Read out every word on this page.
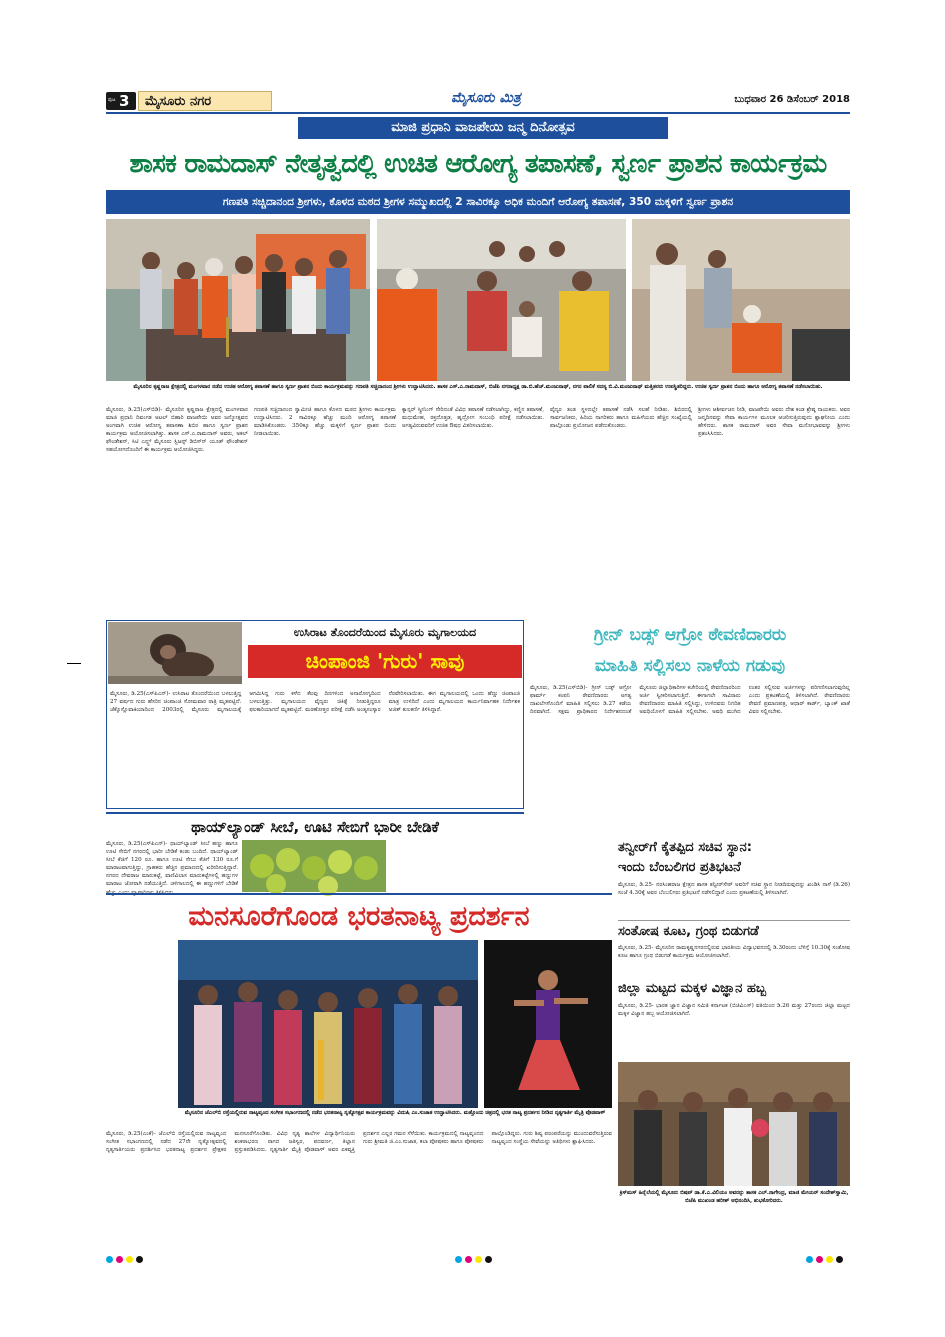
ಪುಟ 3	ಮೈಸೂರು ನಗರ	ಮೈಸೂರು ಮಿತ್ರ	ಬುಧವಾರ 26 ಡಿಸೆಂಬರ್ 2018
ಮಾಜಿ ಪ್ರಧಾನಿ ವಾಜಪೇಯಿ ಜನ್ಮ ದಿನೋತ್ಸವ
ಶಾಸಕ ರಾಮದಾಸ್ ನೇತೃತ್ವದಲ್ಲಿ ಉಚಿತ ಆರೋಗ್ಯ ತಪಾಸಣೆ, ಸ್ವರ್ಣ ಪ್ರಾಶನ ಕಾರ್ಯಕ್ರಮ
ಗಣಪತಿ ಸಚ್ಚಿದಾನಂದ ಶ್ರೀಗಳು, ಕೊಳದ ಮಠದ ಶ್ರೀಗಳ ಸಮ್ಮುಖದಲ್ಲಿ 2 ಸಾವಿರಕ್ಕೂ ಅಧಿಕ ಮಂದಿಗೆ ಆರೋಗ್ಯ ತಪಾಸಣೆ, 350 ಮಕ್ಕಳಿಗೆ ಸ್ವರ್ಣ ಪ್ರಾಶನ
ಮೈಸೂರಿನ ಕೃಷ್ಣರಾಜ ಕ್ಷೇತ್ರದಲ್ಲಿ ಮಂಗಳವಾರ ನಡೆದ ಉಚಿತ ಆರೋಗ್ಯ ತಪಾಸಣೆ ಹಾಗೂ ಸ್ವರ್ಣ ಪ್ರಾಶನ ಬಿಂದು ಕಾರ್ಯಕ್ರಮವನ್ನು ಗಣಪತಿ ಸಚ್ಚಿದಾನಂದ ಶ್ರೀಗಳು ಉದ್ಘಾಟಿಸಿದರು. ಶಾಸಕ ಎಸ್.ಎ.ರಾಮದಾಸ್, ಬಿಜೆಪಿ ನಗರಾಧ್ಯಕ್ಷ ಡಾ.ಬಿ.ಹೆಚ್.ಮಂಜುನಾಥ್, ನಗರ ಪಾಲಿಕೆ ಸದಸ್ಯ ಬಿ.ವಿ.ಮಂಜುನಾಥ್ ಮತ್ತಿತರರು ಉಪಸ್ಥಿತರಿದ್ದರು. ಉಚಿತ ಸ್ವರ್ಣ ಪ್ರಾಶನ ಬಿಂದು ಹಾಗೂ ಆರೋಗ್ಯ ತಪಾಸಣೆ ನಡೆಸಲಾಯಿತು.
ಮೈಸೂರು, ಡಿ.25(ಎಸ್‌ಬಿಡಿ)- ಮೈಸೂರಿನ ಕೃಷ್ಣರಾಜ ಕ್ಷೇತ್ರದಲ್ಲಿ ಮಂಗಳವಾರ ಮಾಜಿ ಪ್ರಧಾನಿ ದಿವಂಗತ ಅಟಲ್ ಬಿಹಾರಿ ವಾಜಪೇಯಿ ಅವರ ಜನ್ಮೋತ್ಸವದ ಅಂಗವಾಗಿ ಉಚಿತ ಆರೋಗ್ಯ ತಪಾಸಣಾ ಶಿಬಿರ ಹಾಗೂ ಸ್ವರ್ಣ ಪ್ರಾಶನ ಕಾರ್ಯಕ್ರಮ ಆಯೋಜಿಸಲಾಗಿತ್ತು. ಶಾಸಕ ಎಸ್.ಎ.ರಾಮದಾಸ್ ಅವರು, ಅಕಲ್ ಫೌಂಡೇಶನ್, ಸಿಟಿ ಎನ್ಸ್ಟ್ ಮೈಸೂರು ಸ್ಟಿಜನ್ಸ್ ಡಿಬಿಸ್‌ನ್ ಯೂತ್ ಫೌಂಡೇಶನ್ ಸಹಯೋಗದೊಂದಿಗೆ ಈ ಕಾರ್ಯಕ್ರಮ ಆಯೋಜಿಸಿದ್ದರು.
ಗಣಪತಿ ಸಚ್ಚಿದಾನಂದ ಸ್ವಾಮೀಜಿ ಹಾಗೂ ಕೊಳದ ಮಠದ ಶ್ರೀಗಳು ಕಾರ್ಯಕ್ರಮ ಉದ್ಘಾಟಿಸಿದರು. 2 ಸಾವಿರಕ್ಕೂ ಹೆಚ್ಚು ಮಂದಿ ಆರೋಗ್ಯ ತಪಾಸಣೆ ಮಾಡಿಸಿಕೊಂಡರು. 350ಕ್ಕೂ ಹೆಚ್ಚು ಮಕ್ಕಳಿಗೆ ಸ್ವರ್ಣ ಪ್ರಾಶನ ಬಿಂದು ನೀಡಲಾಯಿತು.
ಕ್ಯಾನ್ಸರ್ ಸ್ಕ್ರೀನಿಂಗ್ ಸೇರಿದಂತೆ ವಿವಿಧ ತಪಾಸಣೆ ನಡೆಸಲಾಗಿದ್ದು, ಕಣ್ಣಿನ ತಪಾಸಣೆ, ಮಧುಮೇಹ, ರಕ್ತದೊತ್ತಡ, ಹೃದ್ರೋಗ ಸಂಬಂಧಿ ಪರೀಕ್ಷೆ ನಡೆಸಲಾಯಿತು. ಅಗತ್ಯವಿರುವವರಿಗೆ ಉಚಿತ ಔಷಧ ವಿತರಿಸಲಾಯಿತು.
ವೈದ್ಯರ ತಂಡ ಸ್ಥಳದಲ್ಲೇ ತಪಾಸಣೆ ನಡೆಸಿ ಸಲಹೆ ನೀಡಿತು. ಶಿಬಿರದಲ್ಲಿ ಸಾರ್ವಜನಿಕರು, ಹಿರಿಯ ನಾಗರಿಕರು ಹಾಗೂ ಮಹಿಳೆಯರು ಹೆಚ್ಚಿನ ಸಂಖ್ಯೆಯಲ್ಲಿ ಪಾಲ್ಗೊಂಡು ಪ್ರಯೋಜನ ಪಡೆದುಕೊಂಡರು.
ಶ್ರೀಗಳು ಆಶೀರ್ವಚನ ನೀಡಿ, ವಾಜಪೇಯಿ ಅವರು ದೇಶ ಕಂಡ ಶ್ರೇಷ್ಠ ನಾಯಕರು. ಅವರ ಜನ್ಮದಿನವನ್ನು ಸೇವಾ ಕಾರ್ಯಗಳ ಮೂಲಕ ಆಚರಿಸುತ್ತಿರುವುದು ಶ್ಲಾಘನೀಯ ಎಂದು ಹೇಳಿದರು. ಶಾಸಕ ರಾಮದಾಸ್ ಅವರ ಸೇವಾ ಮನೋಭಾವವನ್ನು ಶ್ರೀಗಳು ಪ್ರಶಂಸಿಸಿದರು.
ಉಸಿರಾಟ ತೊಂದರೆಯಿಂದ ಮೈಸೂರು ಮೃಗಾಲಯದ
ಚಿಂಪಾಂಜಿ 'ಗುರು' ಸಾವು
ಮೈಸೂರು, ಡಿ.25(ಎಸ್‌ಪಿಎನ್)- ಉಸಿರಾಟ ತೊಂದರೆಯಿಂದ ಬಳಲುತ್ತಿದ್ದ 27 ವರ್ಷದ ಗುರು ಹೆಸರಿನ ಚಿಂಪಾಂಜಿ ಸೋಮವಾರ ರಾತ್ರಿ ಮೃತಪಟ್ಟಿದೆ. ಜೆಕ್ಕೊಸ್ಲೊವಾಕಿಯಾದಿಂದ 2003ರಲ್ಲಿ ಮೈಸೂರು ಮೃಗಾಲಯಕ್ಕೆ ಆಗಮಿಸಿದ್ದ ಗುರು ಕಳೆದ ಕೆಲವು ದಿನಗಳಿಂದ ಅನಾರೋಗ್ಯದಿಂದ ಬಳಲುತ್ತಿತ್ತು. ಮೃಗಾಲಯದ ವೈದ್ಯರು ಚಿಕಿತ್ಸೆ ನೀಡುತ್ತಿದ್ದರೂ ಫಲಕಾರಿಯಾಗದೆ ಮೃತಪಟ್ಟಿದೆ. ಮರಣೋತ್ತರ ಪರೀಕ್ಷೆ ನಡೆಸಿ ಅಂತ್ಯಸಂಸ್ಕಾರ ನೆರವೇರಿಸಲಾಯಿತು. ಈಗ ಮೃಗಾಲಯದಲ್ಲಿ ಒಂದು ಹೆಣ್ಣು ಚಿಂಪಾಂಜಿ ಮಾತ್ರ ಉಳಿದಿದೆ ಎಂದು ಮೃಗಾಲಯದ ಕಾರ್ಯನಿರ್ವಾಹಕ ನಿರ್ದೇಶಕ ಅಜಿತ್ ಕುಲಕರ್ಣಿ ತಿಳಿಸಿದ್ದಾರೆ.
ಥಾಯ್‌ಲ್ಯಾಂಡ್ ಸೀಬೆ, ಊಟಿ ಸೇಬಿಗೆ ಭಾರೀ ಬೇಡಿಕೆ
ಮೈಸೂರು, ಡಿ.25(ಎಸ್‌ಪಿಎನ್)- ಥಾಯ್‌ಲ್ಯಾಂಡ್ ಸೀಬೆ ಹಣ್ಣು ಹಾಗೂ ಊಟಿ ಸೇಬಿಗೆ ನಗರದಲ್ಲಿ ಭಾರೀ ಬೇಡಿಕೆ ಕಂಡು ಬಂದಿದೆ. ಥಾಯ್‌ಲ್ಯಾಂಡ್ ಸೀಬೆ ಕೆಜಿಗೆ 120 ರೂ. ಹಾಗೂ ಊಟಿ ಸೇಬು ಕೆಜಿಗೆ 130 ರೂ.ಗೆ ಮಾರಾಟವಾಗುತ್ತಿದ್ದು, ಗ್ರಾಹಕರು ಹೆಚ್ಚಿನ ಪ್ರಮಾಣದಲ್ಲಿ ಖರೀದಿಸುತ್ತಿದ್ದಾರೆ. ನಗರದ ದೇವರಾಜ ಮಾರುಕಟ್ಟೆ, ವಾಣಿವಿಲಾಸ ಮಾರುಕಟ್ಟೆಗಳಲ್ಲಿ ಹಣ್ಣುಗಳ ಮಾರಾಟ ಜೋರಾಗಿ ನಡೆಯುತ್ತಿದೆ. ಚಳಿಗಾಲದಲ್ಲಿ ಈ ಹಣ್ಣುಗಳಿಗೆ ಬೇಡಿಕೆ ಹೆಚ್ಚು ಎಂದು ವ್ಯಾಪಾರಿಗಳು ತಿಳಿಸಿದರು.
ಗ್ರೀನ್ ಬಡ್ಸ್ ಆಗ್ರೋ ಠೇವಣಿದಾರರು
ಮಾಹಿತಿ ಸಲ್ಲಿಸಲು ನಾಳೆಯ ಗಡುವು
ಮೈಸೂರು, ಡಿ.25(ಎಸ್‌ಬಿಡಿ)- ಗ್ರೀನ್ ಬಡ್ಸ್ ಆಗ್ರೋ ಫಾರ್ಮ್ ಕಂಪನಿ ಠೇವಣಿದಾರರು ಅಗತ್ಯ ದಾಖಲೆಗಳೊಂದಿಗೆ ಮಾಹಿತಿ ಸಲ್ಲಿಸಲು ಡಿ.27 ಕಡೆಯ ದಿನವಾಗಿದೆ. ಸಕ್ಷಮ ಪ್ರಾಧಿಕಾರದ ನಿರ್ದೇಶನದಂತೆ ಮೈಸೂರು ಜಿಲ್ಲಾಧಿಕಾರಿಗಳ ಕಚೇರಿಯಲ್ಲಿ ಠೇವಣಿದಾರರಿಂದ ಅರ್ಜಿ ಸ್ವೀಕರಿಸಲಾಗುತ್ತಿದೆ. ಈಗಾಗಲೇ ಸಾವಿರಾರು ಠೇವಣಿದಾರರು ಮಾಹಿತಿ ಸಲ್ಲಿಸಿದ್ದು, ಉಳಿದವರು ನಿಗದಿತ ಅವಧಿಯೊಳಗೆ ಮಾಹಿತಿ ಸಲ್ಲಿಸಬೇಕು. ಅವಧಿ ಮುಗಿದ ನಂತರ ಸಲ್ಲಿಸುವ ಅರ್ಜಿಗಳನ್ನು ಪರಿಗಣಿಸಲಾಗುವುದಿಲ್ಲ ಎಂದು ಪ್ರಕಟಣೆಯಲ್ಲಿ ತಿಳಿಸಲಾಗಿದೆ. ಠೇವಣಿದಾರರು ಠೇವಣಿ ಪ್ರಮಾಣಪತ್ರ, ಆಧಾರ್ ಕಾರ್ಡ್, ಬ್ಯಾಂಕ್ ಖಾತೆ ವಿವರ ಸಲ್ಲಿಸಬೇಕು.
ತನ್ವೀರ್‌ಗೆ ಕೈತಪ್ಪಿದ ಸಚಿವ ಸ್ಥಾನ:
ಇಂದು ಬೆಂಬಲಿಗರ ಪ್ರತಿಭಟನೆ
ಮೈಸೂರು, ಡಿ.25- ನರಸಿಂಹರಾಜ ಕ್ಷೇತ್ರದ ಶಾಸಕ ತನ್ವೀರ್‌ಸೇಠ್ ಅವರಿಗೆ ಸಚಿವ ಸ್ಥಾನ ನೀಡದಿರುವುದನ್ನು ಖಂಡಿಸಿ ನಾಳೆ (ಡಿ.26) ಸಂಜೆ 4.30ಕ್ಕೆ ಅವರ ಬೆಂಬಲಿಗರು ಪ್ರತಿಭಟನೆ ನಡೆಸಲಿದ್ದಾರೆ ಎಂದು ಪ್ರಕಟಣೆಯಲ್ಲಿ ತಿಳಿಸಲಾಗಿದೆ.
ಸಂತೋಷ ಕೂಟ, ಗ್ರಂಥ ಬಿಡುಗಡೆ
ಮೈಸೂರು, ಡಿ.25- ಮೈಸೂರಿನ ರಾಮಕೃಷ್ಣನಗರದಲ್ಲಿರುವ ಭಾರತೀಯ ವಿದ್ಯಾಭವನದಲ್ಲಿ ಡಿ.30ರಂದು ಬೆಳಿಗ್ಗೆ 10.30ಕ್ಕೆ ಸಂತೋಷ ಕೂಟ ಹಾಗೂ ಗ್ರಂಥ ಬಿಡುಗಡೆ ಕಾರ್ಯಕ್ರಮ ಆಯೋಜಿಸಲಾಗಿದೆ.
ಜಿಲ್ಲಾ ಮಟ್ಟದ ಮಕ್ಕಳ ವಿಜ್ಞಾನ ಹಬ್ಬ
ಮೈಸೂರು, ಡಿ.25- ಭಾರತ ಜ್ಞಾನ ವಿಜ್ಞಾನ ಸಮಿತಿ ಕರ್ನಾಟಕ (ಬಿಜಿವಿಎಸ್) ವತಿಯಿಂದ ಡಿ.26 ಮತ್ತು 27ರಂದು ಜಿಲ್ಲಾ ಮಟ್ಟದ ಮಕ್ಕಳ ವಿಜ್ಞಾನ ಹಬ್ಬ ಆಯೋಜಿಸಲಾಗಿದೆ.
ಮನಸೂರೆಗೊಂಡ ಭರತನಾಟ್ಯ ಪ್ರದರ್ಶನ
ಮೈಸೂರಿನ ಜೆಎಲ್‌ಬಿ ರಸ್ತೆಯಲ್ಲಿರುವ ನಾಟ್ಯವೃಂದ ಸಂಗೀತ ಸಭಾಂಗಣದಲ್ಲಿ ನಡೆದ ಭರತನಾಟ್ಯ ನೃತ್ಯೋತ್ಸವ ಕಾರ್ಯಕ್ರಮವನ್ನು ವಿದುಷಿ ಎಂ.ಸುಜಾತ ಉದ್ಘಾಟಿಸಿದರು. ಮತ್ತೊಂದು ಚಿತ್ರದಲ್ಲಿ ಭರತ ನಾಟ್ಯ ಪ್ರದರ್ಶನ ನೀಡಿದ ನೃತ್ಯಗಾರ್ತಿ ಮೈತ್ರಿ ಪೊಡವಾಳ್
ಮೈಸೂರು, ಡಿ.25(ಎಂಕೆ)- ಜೆಎಲ್‌ಬಿ ರಸ್ತೆಯಲ್ಲಿರುವ ನಾಟ್ಯವೃಂದ ಸಂಗೀತ ಸಭಾಂಗಣದಲ್ಲಿ ನಡೆದ 27ನೇ ನೃತ್ಯೋತ್ಸವದಲ್ಲಿ ನೃತ್ಯಗಾರ್ತಿಯರು ಪ್ರದರ್ಶಿಸಿದ ಭರತನಾಟ್ಯ ಪ್ರದರ್ಶನ ಪ್ರೇಕ್ಷಕರ ಮನಸೂರೆಗೊಂಡಿತು. ವಿವಿಧ ನೃತ್ಯ ಶಾಲೆಗಳ ವಿದ್ಯಾರ್ಥಿನಿಯರು ಶಂಕರಾಭರಣ ರಾಗದ ಜತಿಸ್ವರ, ಪದವರ್ಣ, ತಿಲ್ಲಾನ ಪ್ರಸ್ತುತಪಡಿಸಿದರು. ನೃತ್ಯಗಾರ್ತಿ ಮೈತ್ರಿ ಪೊಡವಾಳ್ ಅವರ ಏಕವ್ಯಕ್ತಿ ಪ್ರದರ್ಶನ ಎಲ್ಲರ ಗಮನ ಸೆಳೆಯಿತು. ಕಾರ್ಯಕ್ರಮದಲ್ಲಿ ನಾಟ್ಯವೃಂದದ ಗುರು ಶ್ರೀಮತಿ ಜಿ.ಎಂ.ಸುಜಾತ, ಕಲಾ ಪೋಷಕರು ಹಾಗೂ ಪೋಷಕರು ಪಾಲ್ಗೊಂಡಿದ್ದರು. ಗುರು ಶಿಷ್ಯ ಪರಂಪರೆಯನ್ನು ಮುಂದುವರೆಸುತ್ತಿರುವ ನಾಟ್ಯವೃಂದ ಸಂಸ್ಥೆಯ ಸೇವೆಯನ್ನು ಅತಿಥಿಗಳು ಶ್ಲಾಘಿಸಿದರು.
ಕ್ರಿಸ್‌ಮಸ್ ಹಿನ್ನೆಲೆಯಲ್ಲಿ ಮೈಸೂರು ಬಿಷಪ್ ಡಾ.ಕೆ.ಎ.ವಿಲಿಯಂ ಅವರನ್ನು ಶಾಸಕ ಎಲ್.ನಾಗೇಂದ್ರ, ಮಾಜಿ ಮೇಯರ್ ಸಂದೇಶ್‌ಸ್ವಾಮಿ, ಬಿಜೆಪಿ ಮುಖಂಡ ಹರೀಶ್ ಅಭಿನಂದಿಸಿ, ಶುಭಕೋರಿದರು.
